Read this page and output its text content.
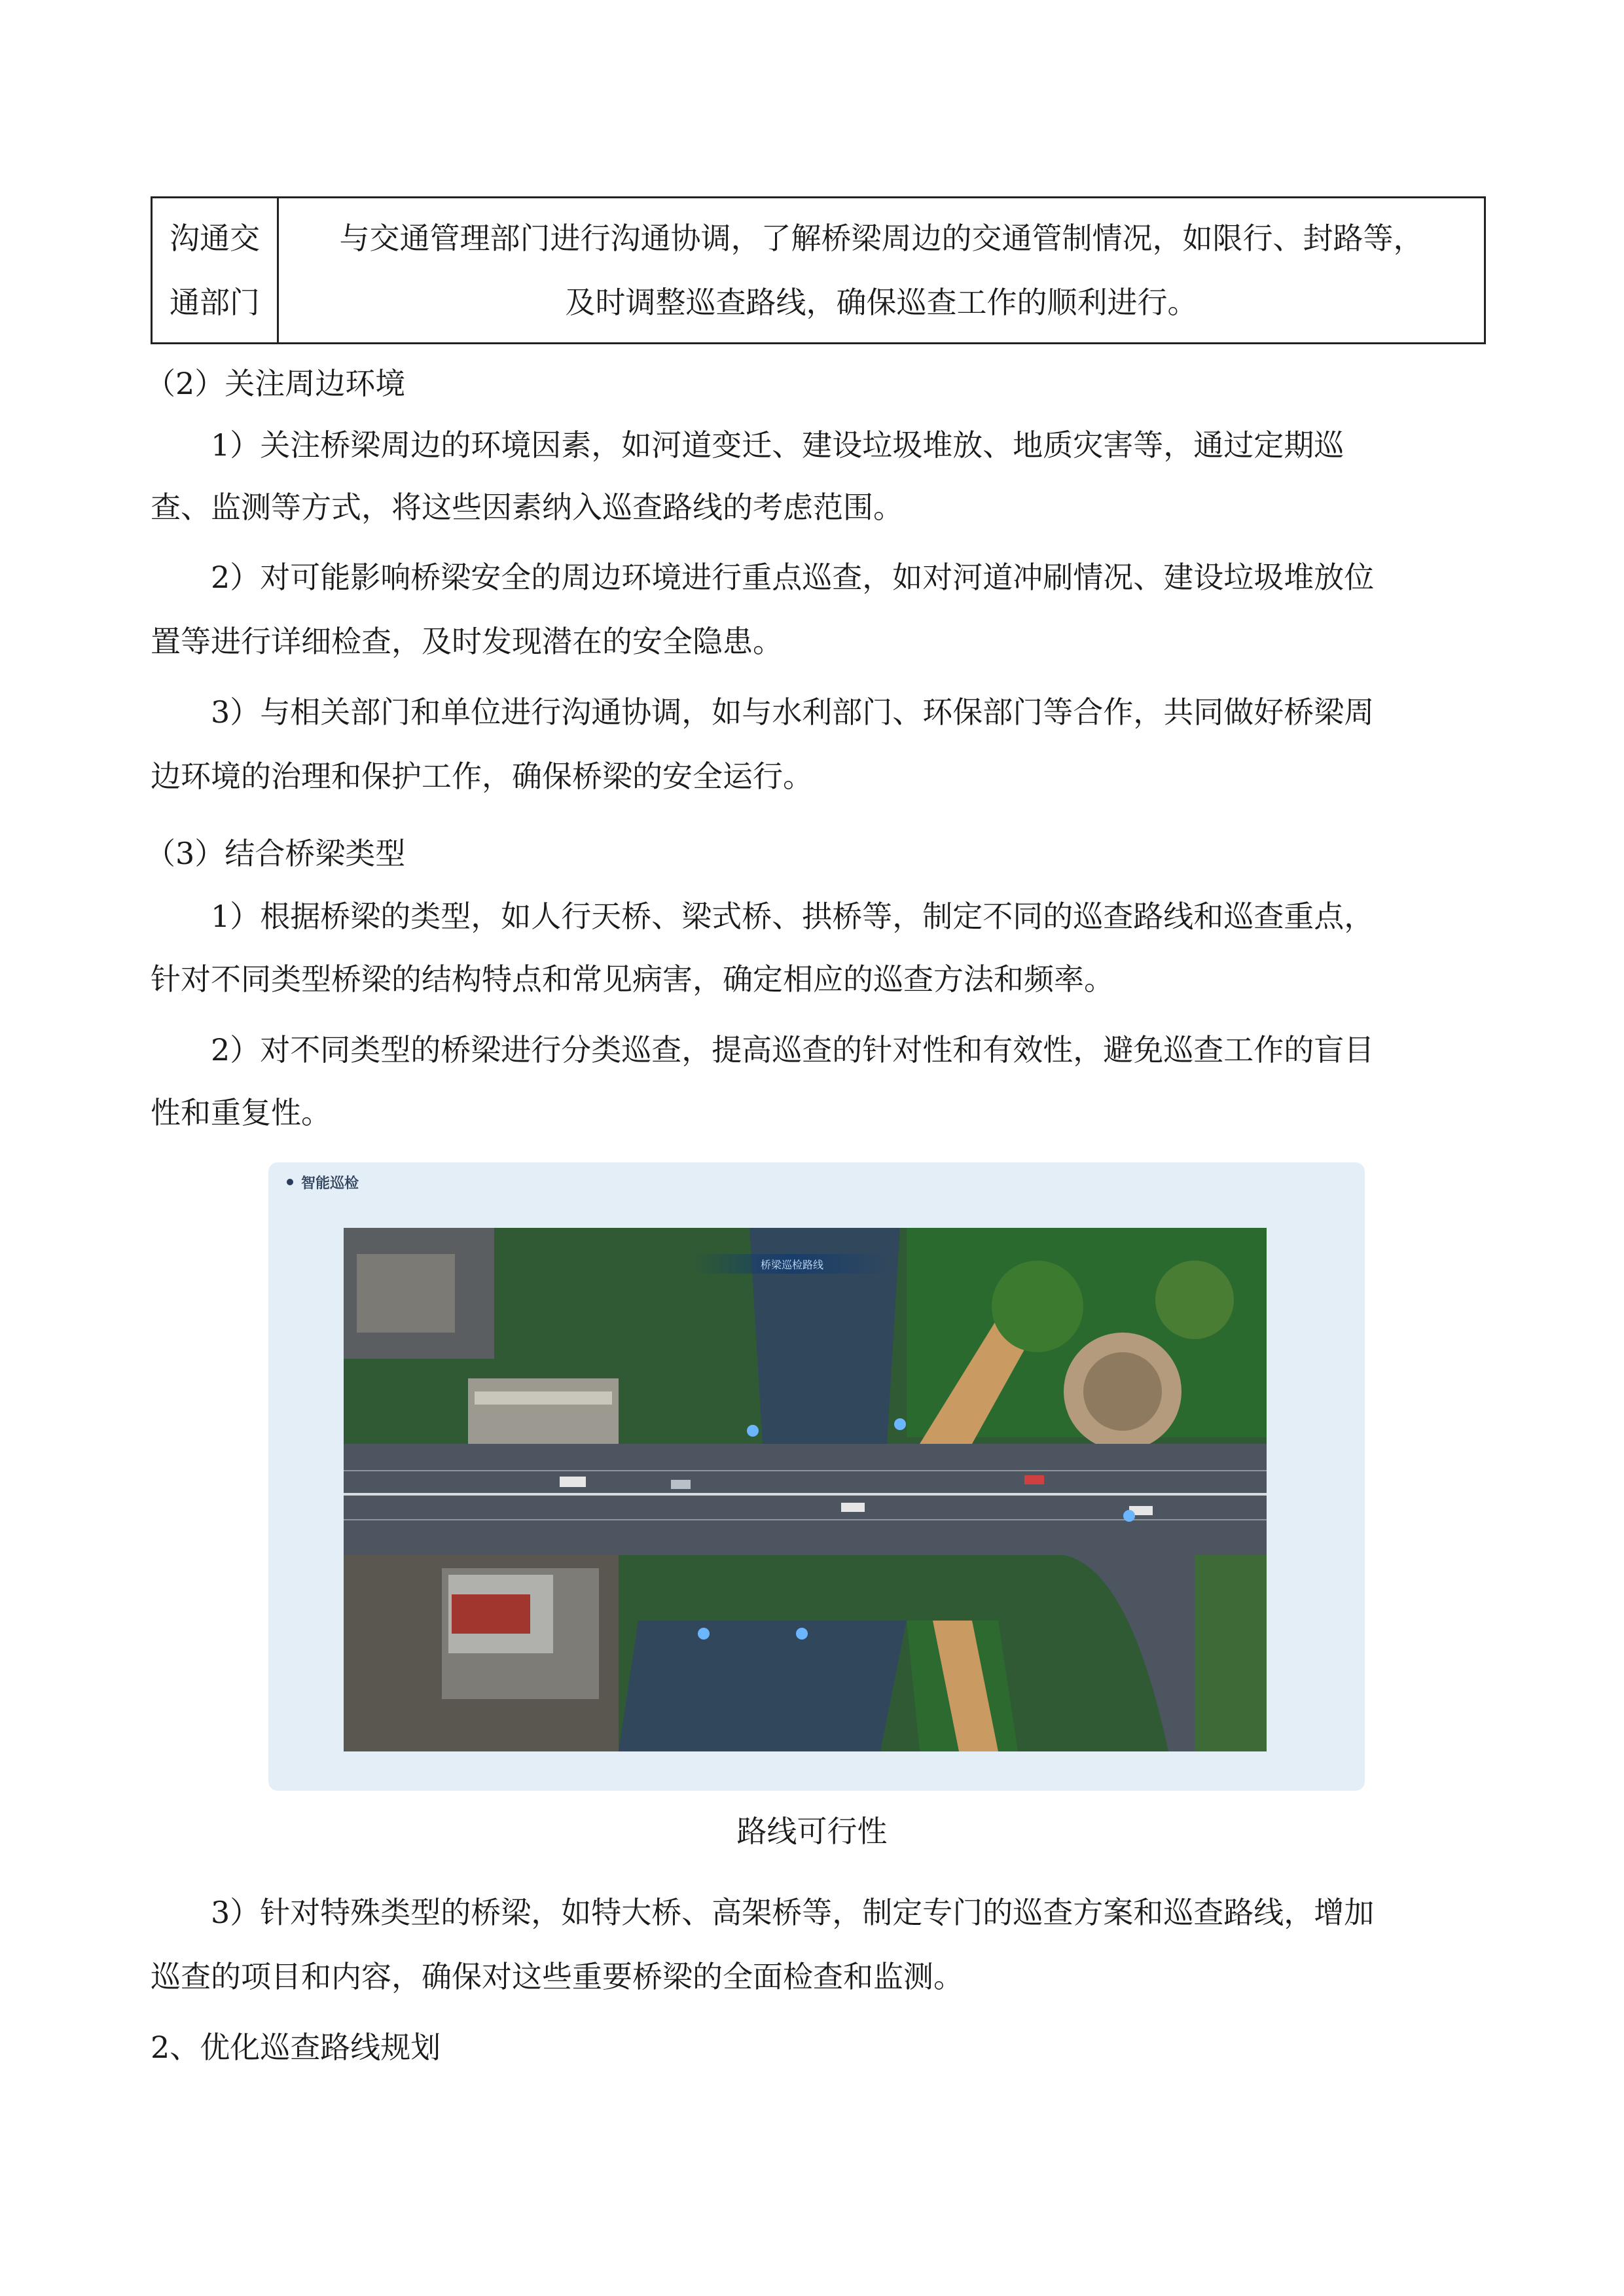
沟通交
通部门
与交通管理部门进行沟通协调，了解桥梁周边的交通管制情况，如限行、封路等，
及时调整巡查路线，确保巡查工作的顺利进行。
（2）关注周边环境
1）关注桥梁周边的环境因素，如河道变迁、建设垃圾堆放、地质灾害等，通过定期巡
查、监测等方式，将这些因素纳入巡查路线的考虑范围。
2）对可能影响桥梁安全的周边环境进行重点巡查，如对河道冲刷情况、建设垃圾堆放位
置等进行详细检查，及时发现潜在的安全隐患。
3）与相关部门和单位进行沟通协调，如与水利部门、环保部门等合作，共同做好桥梁周
边环境的治理和保护工作，确保桥梁的安全运行。
（3）结合桥梁类型
1）根据桥梁的类型，如人行天桥、梁式桥、拱桥等，制定不同的巡查路线和巡查重点，
针对不同类型桥梁的结构特点和常见病害，确定相应的巡查方法和频率。
2）对不同类型的桥梁进行分类巡查，提高巡查的针对性和有效性，避免巡查工作的盲目
性和重复性。
智能巡检
桥梁巡检路线
路线可行性
3）针对特殊类型的桥梁，如特大桥、高架桥等，制定专门的巡查方案和巡查路线，增加
巡查的项目和内容，确保对这些重要桥梁的全面检查和监测。
2、优化巡查路线规划
